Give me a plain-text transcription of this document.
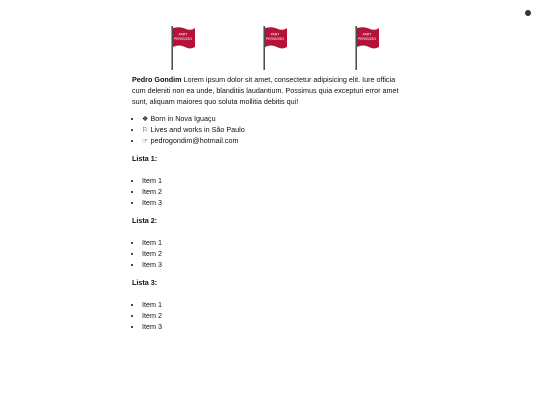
PART PERIGOSO
PART PERIGOSO
PART PERIGOSO

Pedro Gondim Lorem ipsum dolor sit amet, consectetur adipisicing elit. Iure officia cum deleniti non ea unde, blanditiis laudantium. Possimus quia excepturi error amet sunt, aliquam maiores quo soluta mollitia debitis qui!

• ❖ Born in Nova Iguaçu
• ⚐ Lives and works in São Paulo
• ☞ pedrogondim@hotmail.com

Lista 1:

• Item 1
• Item 2
• Item 3

Lista 2:

• Item 1
• Item 2
• Item 3

Lista 3:

• Item 1
• Item 2
• Item 3
